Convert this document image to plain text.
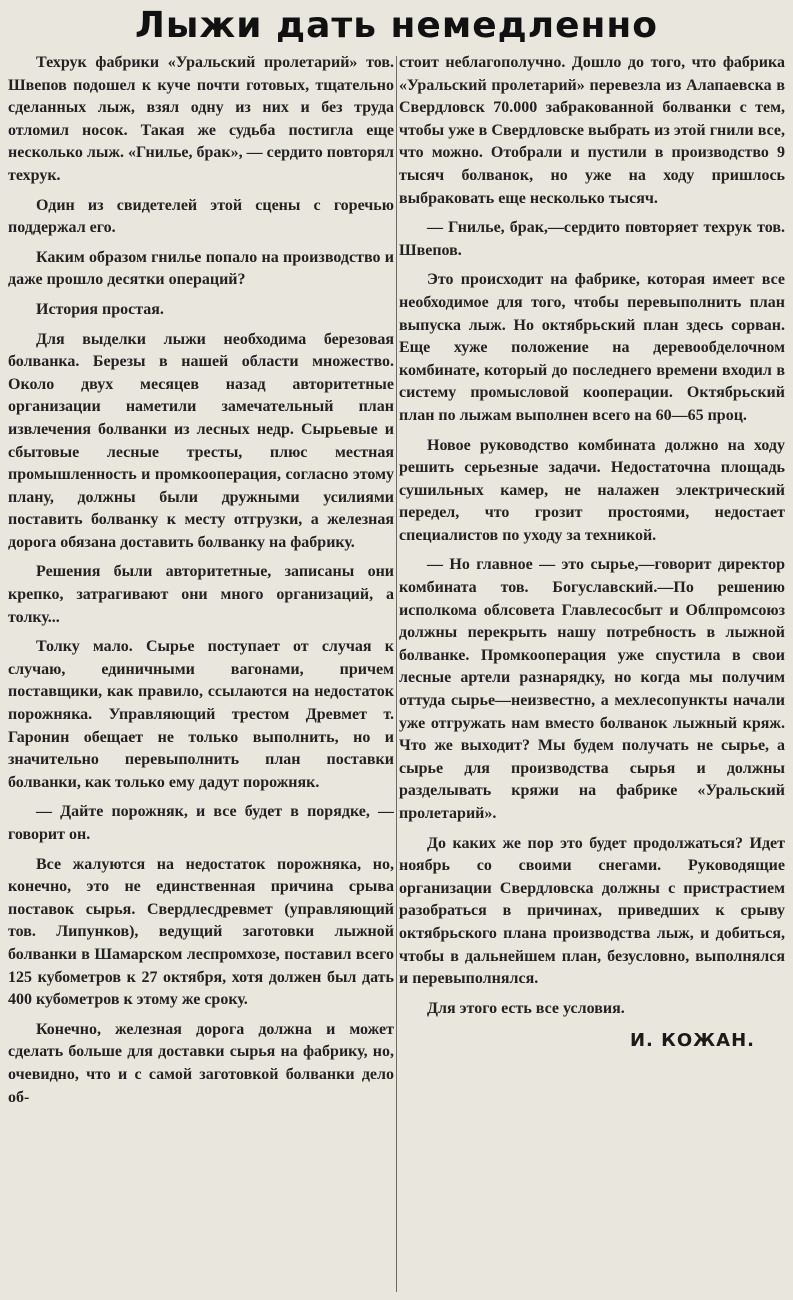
Лыжи дать немедленно

Техрук фабрики «Уральский пролетарий» тов. Швепов подошел к куче почти готовых, тщательно сделанных лыж, взял одну из них и без труда отломил носок. Такая же судьба постигла еще несколько лыж. «Гнилье, брак», — сердито повторял техрук.

Один из свидетелей этой сцены с горечью поддержал его.

Каким образом гнилье попало на производство и даже прошло десятки операций?

История простая.

Для выделки лыжи необходима березовая болванка. Березы в нашей области множество. Около двух месяцев назад авторитетные организации наметили замечательный план извлечения болванки из лесных недр. Сырьевые и сбытовые лесные тресты, плюс местная промышленность и промкооперация, согласно этому плану, должны были дружными усилиями поставить болванку к месту отгрузки, а железная дорога обязана доставить болванку на фабрику.

Решения были авторитетные, записаны они крепко, затрагивают они много организаций, а толку...

Толку мало. Сырье поступает от случая к случаю, единичными вагонами, причем поставщики, как правило, ссылаются на недостаток порожняка. Управляющий трестом Древмет т. Гаронин обещает не только выполнить, но и значительно перевыполнить план поставки болванки, как только ему дадут порожняк.

— Дайте порожняк, и все будет в порядке, — говорит он.

Все жалуются на недостаток порожняка, но, конечно, это не единственная причина срыва поставок сырья. Свердлесдревмет (управляющий тов. Липунков), ведущий заготовки лыжной болванки в Шамарском леспромхозе, поставил всего 125 кубометров к 27 октября, хотя должен был дать 400 кубометров к этому же сроку.

Конечно, железная дорога должна и может сделать больше для доставки сырья на фабрику, но, очевидно, что и с самой заготовкой болванки дело об-

стоит неблагополучно. Дошло до того, что фабрика «Уральский пролетарий» перевезла из Алапаевска в Свердловск 70.000 забракованной болванки с тем, чтобы уже в Свердловске выбрать из этой гнили все, что можно. Отобрали и пустили в производство 9 тысяч болванок, но уже на ходу пришлось выбраковать еще несколько тысяч.

— Гнилье, брак,—сердито повторяет техрук тов. Швепов.

Это происходит на фабрике, которая имеет все необходимое для того, чтобы перевыполнить план выпуска лыж. Но октябрьский план здесь сорван. Еще хуже положение на деревообделочном комбинате, который до последнего времени входил в систему промысловой кооперации. Октябрьский план по лыжам выполнен всего на 60—65 проц.

Новое руководство комбината должно на ходу решить серьезные задачи. Недостаточна площадь сушильных камер, не налажен электрический передел, что грозит простоями, недостает специалистов по уходу за техникой.

— Но главное — это сырье,—говорит директор комбината тов. Богуславский.—По решению исполкома облсовета Главлесосбыт и Облпромсоюз должны перекрыть нашу потребность в лыжной болванке. Промкооперация уже спустила в свои лесные артели разнарядку, но когда мы получим оттуда сырье—неизвестно, а мехлесопункты начали уже отгружать нам вместо болванок лыжный кряж. Что же выходит? Мы будем получать не сырье, а сырье для производства сырья и должны разделывать кряжи на фабрике «Уральский пролетарий».

До каких же пор это будет продолжаться? Идет ноябрь со своими снегами. Руководящие организации Свердловска должны с пристрастием разобраться в причинах, приведших к срыву октябрьского плана производства лыж, и добиться, чтобы в дальнейшем план, безусловно, выполнялся и перевыполнялся.

Для этого есть все условия.

И. КОЖАН.
